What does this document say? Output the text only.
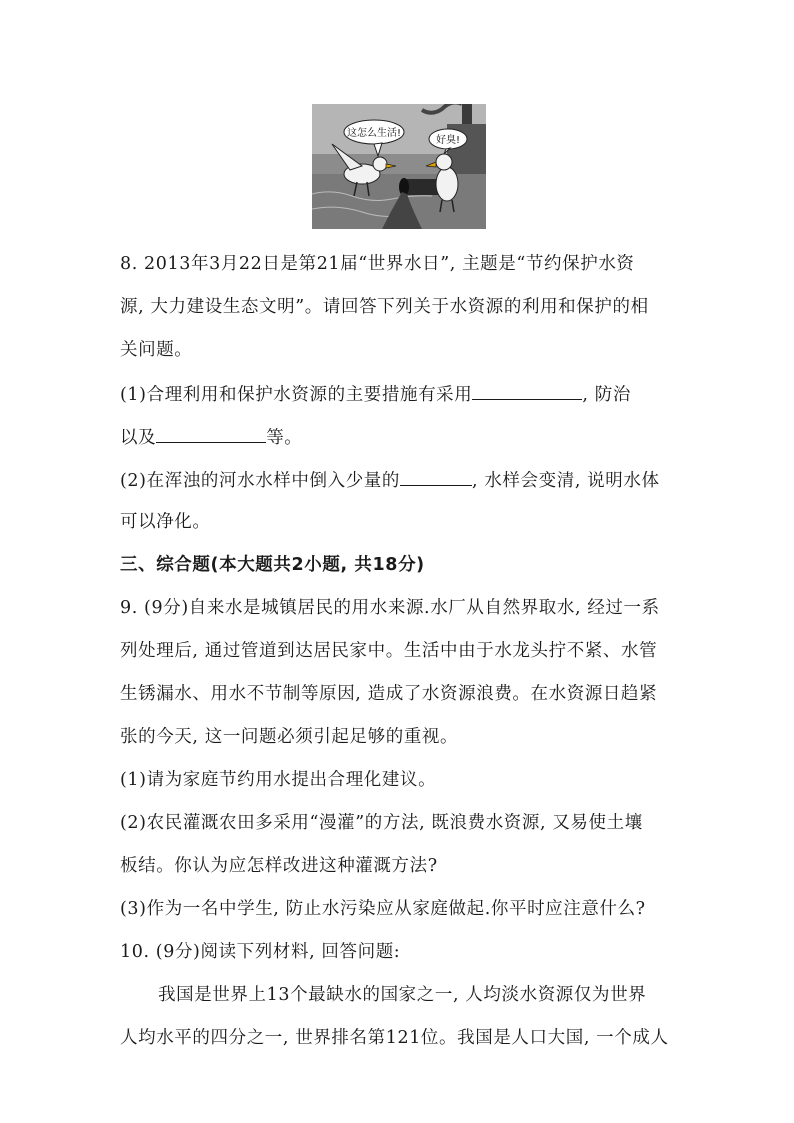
这怎么生活!
好臭!
8. 2013年3月22日是第21届“世界水日”, 主题是“节约保护水资
源, 大力建设生态文明”。请回答下列关于水资源的利用和保护的相
关问题。
(1)合理利用和保护水资源的主要措施有采用	, 防治
以及	等。
(2)在浑浊的河水水样中倒入少量的	, 水样会变清, 说明水体
可以净化。
三、综合题(本大题共2小题, 共18分)
9. (9分)自来水是城镇居民的用水来源.水厂从自然界取水, 经过一系
列处理后, 通过管道到达居民家中。生活中由于水龙头拧不紧、水管
生锈漏水、用水不节制等原因, 造成了水资源浪费。在水资源日趋紧
张的今天, 这一问题必须引起足够的重视。
(1)请为家庭节约用水提出合理化建议。
(2)农民灌溉农田多采用“漫灌”的方法, 既浪费水资源, 又易使土壤
板结。你认为应怎样改进这种灌溉方法?
(3)作为一名中学生, 防止水污染应从家庭做起.你平时应注意什么?
10. (9分)阅读下列材料, 回答问题:
我国是世界上13个最缺水的国家之一, 人均淡水资源仅为世界
人均水平的四分之一, 世界排名第121位。我国是人口大国, 一个成人
